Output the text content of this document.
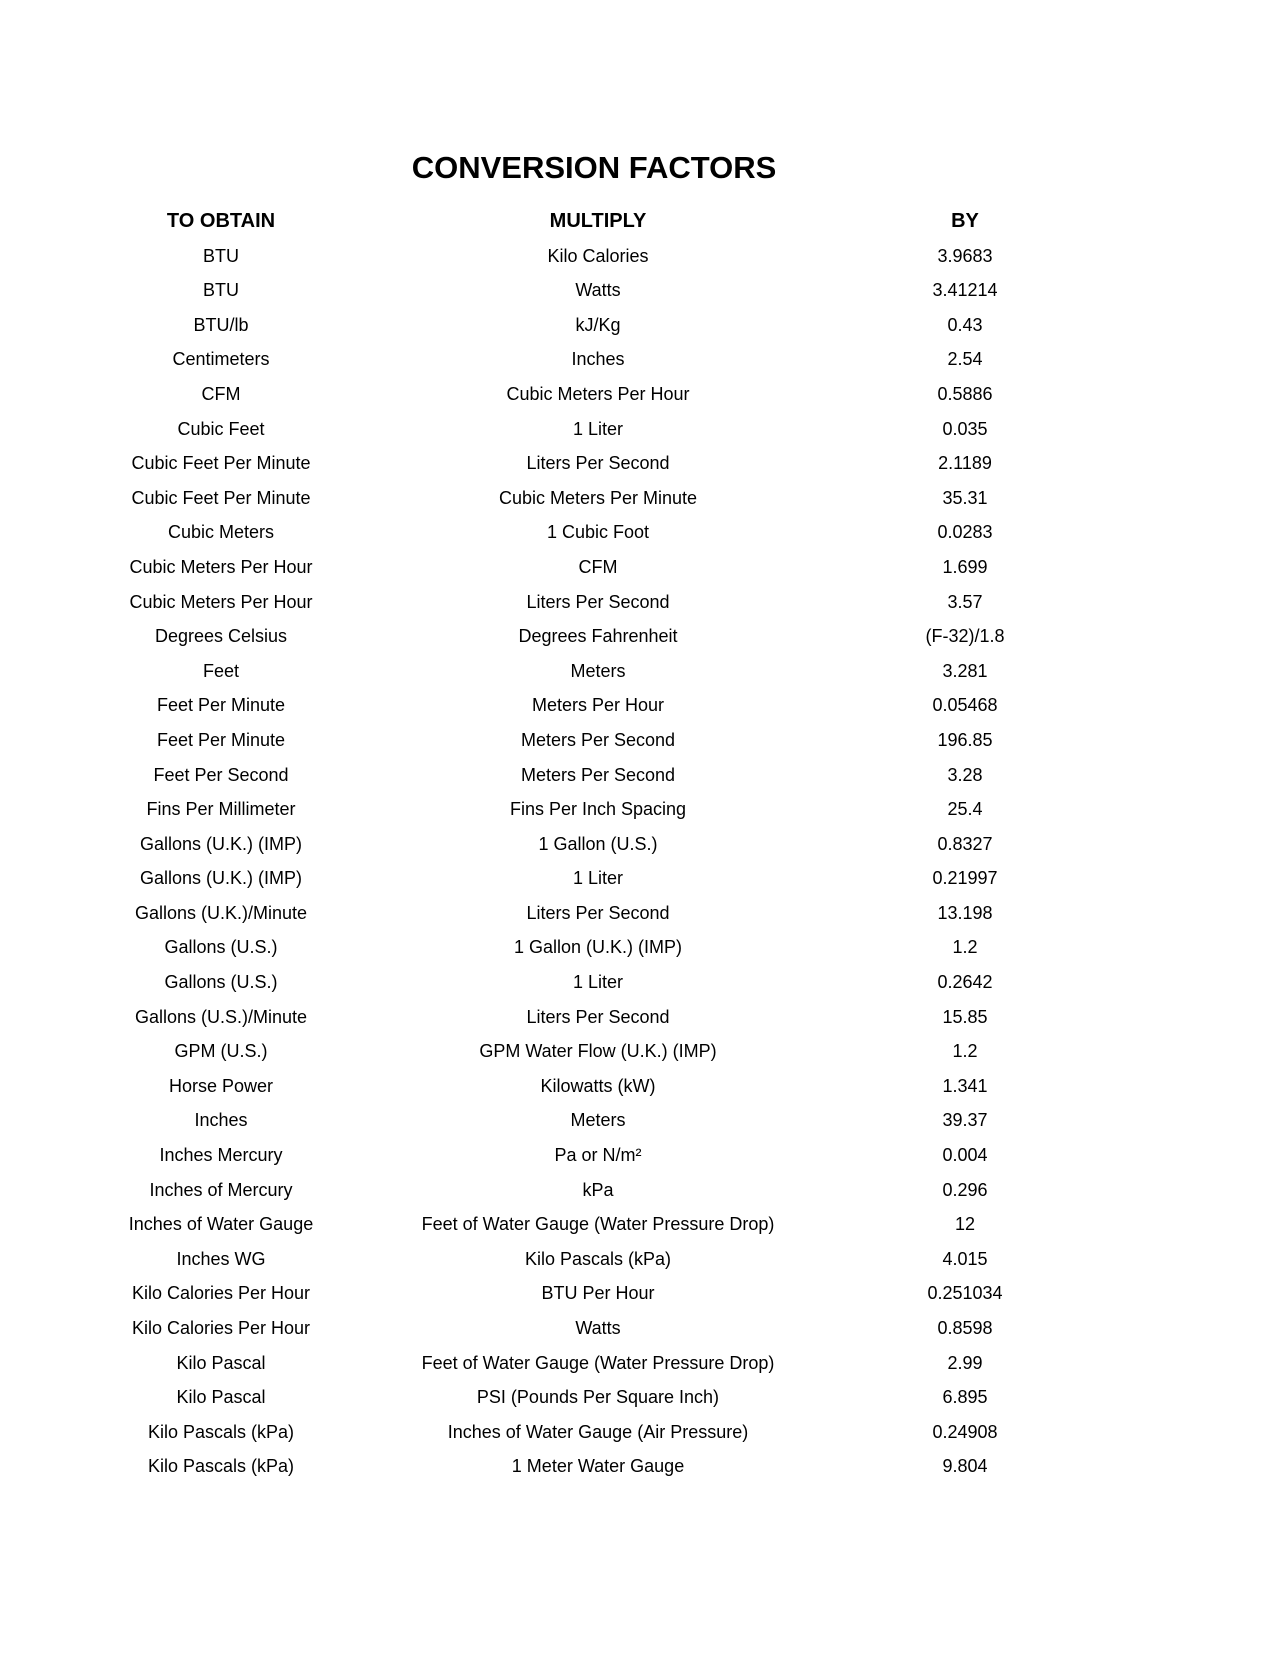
CONVERSION FACTORS
TO OBTAIN	MULTIPLY	BY
BTU	Kilo Calories	3.9683
BTU	Watts	3.41214
BTU/lb	kJ/Kg	0.43
Centimeters	Inches	2.54
CFM	Cubic Meters Per Hour	0.5886
Cubic Feet	1 Liter	0.035
Cubic Feet Per Minute	Liters Per Second	2.1189
Cubic Feet Per Minute	Cubic Meters Per Minute	35.31
Cubic Meters	1 Cubic Foot	0.0283
Cubic Meters Per Hour	CFM	1.699
Cubic Meters Per Hour	Liters Per Second	3.57
Degrees Celsius	Degrees Fahrenheit	(F-32)/1.8
Feet	Meters	3.281
Feet Per Minute	Meters Per Hour	0.05468
Feet Per Minute	Meters Per Second	196.85
Feet Per Second	Meters Per Second	3.28
Fins Per Millimeter	Fins Per Inch Spacing	25.4
Gallons (U.K.) (IMP)	1 Gallon (U.S.)	0.8327
Gallons (U.K.) (IMP)	1 Liter	0.21997
Gallons (U.K.)/Minute	Liters Per Second	13.198
Gallons (U.S.)	1 Gallon (U.K.) (IMP)	1.2
Gallons (U.S.)	1 Liter	0.2642
Gallons (U.S.)/Minute	Liters Per Second	15.85
GPM (U.S.)	GPM Water Flow (U.K.) (IMP)	1.2
Horse Power	Kilowatts (kW)	1.341
Inches	Meters	39.37
Inches Mercury	Pa or N/m²	0.004
Inches of Mercury	kPa	0.296
Inches of Water Gauge	Feet of Water Gauge (Water Pressure Drop)	12
Inches WG	Kilo Pascals (kPa)	4.015
Kilo Calories Per Hour	BTU Per Hour	0.251034
Kilo Calories Per Hour	Watts	0.8598
Kilo Pascal	Feet of Water Gauge (Water Pressure Drop)	2.99
Kilo Pascal	PSI (Pounds Per Square Inch)	6.895
Kilo Pascals (kPa)	Inches of Water Gauge (Air Pressure)	0.24908
Kilo Pascals (kPa)	1 Meter Water Gauge	9.804
